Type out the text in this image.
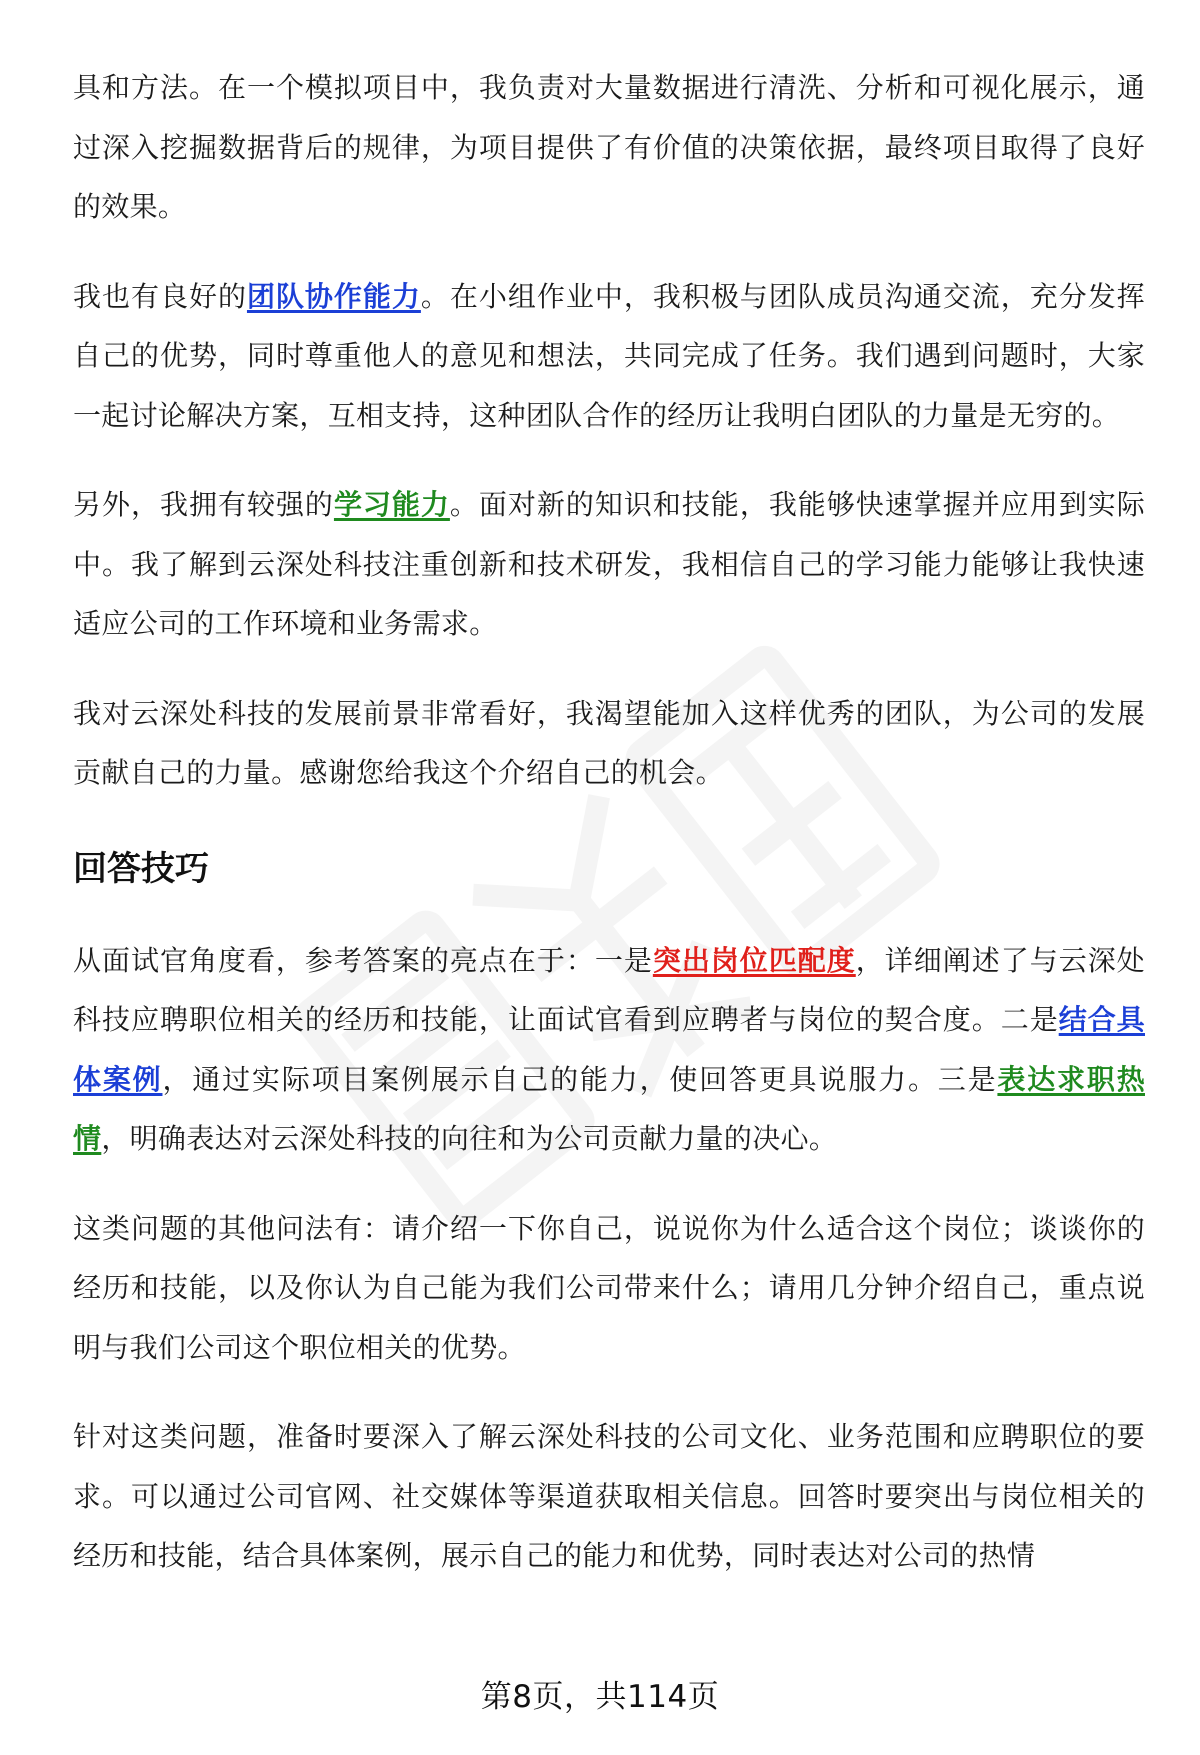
具和方法。在一个模拟项目中，我负责对大量数据进行清洗、分析和可视化展示，通过深入挖掘数据背后的规律，为项目提供了有价值的决策依据，最终项目取得了良好的效果。

我也有良好的团队协作能力。在小组作业中，我积极与团队成员沟通交流，充分发挥自己的优势，同时尊重他人的意见和想法，共同完成了任务。我们遇到问题时，大家一起讨论解决方案，互相支持，这种团队合作的经历让我明白团队的力量是无穷的。

另外，我拥有较强的学习能力。面对新的知识和技能，我能够快速掌握并应用到实际中。我了解到云深处科技注重创新和技术研发，我相信自己的学习能力能够让我快速适应公司的工作环境和业务需求。

我对云深处科技的发展前景非常看好，我渴望能加入这样优秀的团队，为公司的发展贡献自己的力量。感谢您给我这个介绍自己的机会。

回答技巧

从面试官角度看，参考答案的亮点在于：一是突出岗位匹配度，详细阐述了与云深处科技应聘职位相关的经历和技能，让面试官看到应聘者与岗位的契合度。二是结合具体案例，通过实际项目案例展示自己的能力，使回答更具说服力。三是表达求职热情，明确表达对云深处科技的向往和为公司贡献力量的决心。

这类问题的其他问法有：请介绍一下你自己，说说你为什么适合这个岗位；谈谈你的经历和技能，以及你认为自己能为我们公司带来什么；请用几分钟介绍自己，重点说明与我们公司这个职位相关的优势。

针对这类问题，准备时要深入了解云深处科技的公司文化、业务范围和应聘职位的要求。可以通过公司官网、社交媒体等渠道获取相关信息。回答时要突出与岗位相关的经历和技能，结合具体案例，展示自己的能力和优势，同时表达对公司的热情

第8页，共114页
